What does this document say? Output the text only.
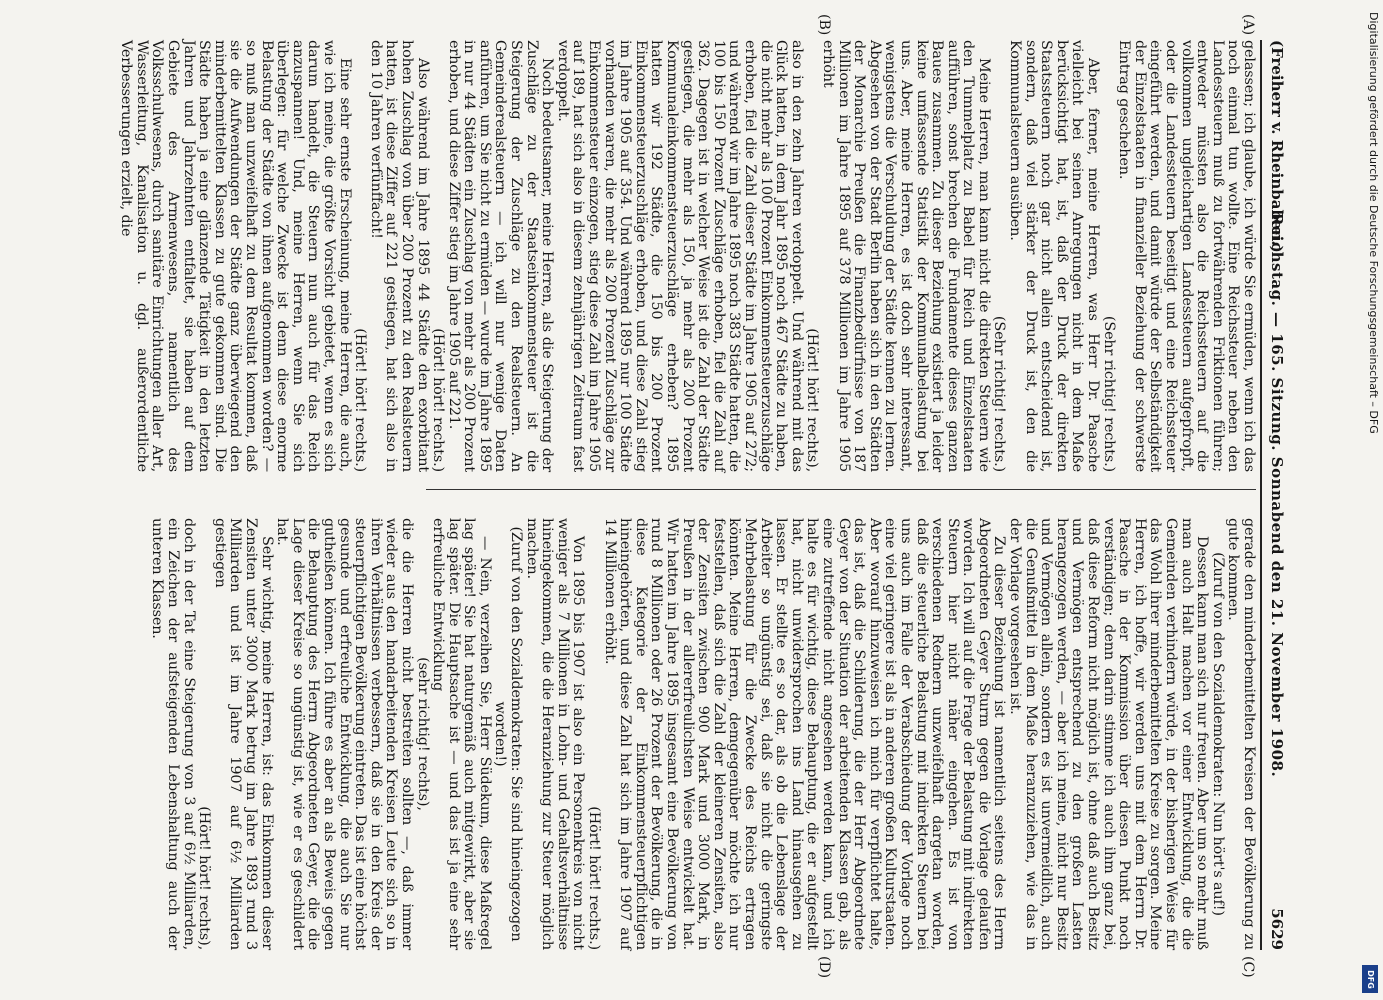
(Freiherr v. Rheinbaben.)
Reichstag. — 165. Sitzung. Sonnabend den 21. November 1908.
5629
(A)
(B)
(C)
(D)

gelassen; ich glaube, ich würde Sie ermüden, wenn ich das noch einmal tun wollte. Eine Reichssteuer neben den Landessteuern muß zu fortwährenden Friktionen führen; entweder müssten also die Reichssteuern auf die vollkommen ungleichartigen Landessteuern aufgepfropft, oder die Landessteuern beseitigt und eine Reichssteuer eingeführt werden, und damit würde der Selbständigkeit der Einzelstaaten in finanzieller Beziehung der schwerste Eintrag geschehen.

(Sehr richtig! rechts.)

Aber, ferner, meine Herren, was Herr Dr. Paasche vielleicht bei seinen Anregungen nicht in dem Maße berücksichtigt hat, ist, daß der Druck der direkten Staatssteuern noch gar nicht allein entscheidend ist, sondern, daß viel stärker der Druck ist, den die Kommunalsteuern ausüben.

(Sehr richtig! rechts.)

Meine Herren, man kann nicht die direkten Steuern wie den Tummelplatz zu Babel für Reich und Einzelstaaten aufführen, sonst brechen die Fundamente dieses ganzen Baues zusammen. Zu dieser Beziehung existiert ja leider keine umfassende Statistik der Kommunalbelastung bei uns. Aber, meine Herren, es ist doch sehr interessant, wenigstens die Verschuldung der Städte kennen zu lernen. Abgesehen von der Stadt Berlin haben sich in den Städten der Monarchie Preußen die Finanzbedürfnisse von 187 Millionen im Jahre 1895 auf 378 Millionen im Jahre 1905 erhöht

(Hört! hört! rechts),

also in den zehn Jahren verdoppelt. Und während mit das Glück hatten, in dem Jahr 1895 noch 467 Städte zu haben, die nicht mehr als 100 Prozent Einkommensteuerzuschläge erhoben, fiel die Zahl dieser Städte im Jahre 1905 auf 272; und während wir im Jahre 1895 noch 383 Städte hatten, die 100 bis 150 Prozent Zuschläge erhoben, fiel die Zahl auf 362. Dagegen ist in welcher Weise ist die Zahl der Städte gestiegen, die mehr als 150, ja mehr als 200 Prozent Kommunaleinkommensteuerzuschläge erheben? 1895 hatten wir 192 Städte, die 150 bis 200 Prozent Einkommensteuerzuschläge erhoben, und diese Zahl stieg im Jahre 1905 auf 354. Und während 1895 nur 100 Städte vorhanden waren, die mehr als 200 Prozent Zuschläge zur Einkommensteuer einzogen, stieg diese Zahl im Jahre 1905 auf 189, hat sich also in diesem zehnjährigen Zeitraum fast verdoppelt.

Noch bedeutsamer, meine Herren, als die Steigerung der Zuschläge zu der Staatseinkommensteuer ist die Steigerung der Zuschläge zu den Realsteuern. An Gemeinderealsteuern — ich will nur wenige Daten anführen, um Sie nicht zu ermüden — wurde im Jahre 1895 in nur 44 Städten ein Zuschlag von mehr als 200 Prozent erhoben, und diese Ziffer stieg im Jahre 1905 auf 221.

(Hört! hört! rechts.)

Also während im Jahre 1895 44 Städte den exorbitant hohen Zuschlag von über 200 Prozent zu den Realsteuern hatten, ist diese Ziffer auf 221 gestiegen, hat sich also in den 10 Jahren verfünffacht!

(Hört! hört! rechts.)

Eine sehr ernste Erscheinung, meine Herren, die auch, wie ich meine, die größte Vorsicht gebietet, wenn es sich darum handelt, die Steuern nun auch für das Reich anzuspannen! Und, meine Herren, wenn Sie sich überlegen: für welche Zwecke ist denn diese enorme Belastung der Städte von ihnen aufgenommen worden? — so muß man unzweifelhaft zu dem Resultat kommen, daß sie die Aufwendungen der Städte ganz überwiegend den minderbemittelten Klassen zu gute gekommen sind. Die Städte haben ja eine glänzende Tätigkeit in den letzten Jahren und Jahrzehnten entfaltet, sie haben auf dem Gebiete des Armenwesens, namentlich des Volksschulwesens, durch sanitäre Einrichtungen aller Art, Wasserleitung, Kanalisation u. dgl. außerordentliche Verbesserungen erzielt, die

gerade den minderbemittelten Kreisen der Bevölkerung zu gute kommen.

(Zuruf von den Sozialdemokraten: Nun hört's auf!)

Dessen kann man sich nur freuen. Aber um so mehr muß man auch Halt machen vor einer Entwicklung, die die Gemeinden verhindern würde, in der bisherigen Weise für das Wohl ihrer minderbemittelten Kreise zu sorgen. Meine Herren, ich hoffe, wir werden uns mit dem Herrn Dr. Paasche in der Kommission über diesen Punkt noch verständigen; denn darin stimme ich auch ihm ganz bei, daß diese Reform nicht möglich ist, ohne daß auch Besitz und Vermögen entsprechend zu den großen Lasten herangezogen werden, — aber ich meine, nicht nur Besitz und Vermögen allein, sondern es ist unvermeidlich, auch die Genußmittel in dem Maße heranzuziehen, wie das in der Vorlage vorgesehen ist.

Zu dieser Beziehung ist namentlich seitens des Herrn Abgeordneten Geyer Sturm gegen die Vorlage gelaufen worden. Ich will auf die Frage der Belastung mit indirekten Steuern hier nicht näher eingehen. Es ist von verschiedenen Rednern unzweifelhaft dargetan worden, daß die steuerliche Belastung mit indirekten Steuern bei uns auch im Falle der Verabschiedung der Vorlage noch eine viel geringere ist als in anderen großen Kulturstaaten. Aber worauf hinzuweisen ich mich für verpflichtet halte, das ist, daß die Schilderung, die der Herr Abgeordnete Geyer von der Situation der arbeitenden Klassen gab, als eine zutreffende nicht angesehen werden kann, und ich halte es für wichtig, diese Behauptung, die er aufgestellt hat, nicht unwidersprochen ins Land hinausgehen zu lassen. Er stellte es so dar, als ob die Lebenslage der Arbeiter so ungünstig sei, daß sie nicht die geringste Mehrbelastung für die Zwecke des Reichs ertragen könnten. Meine Herren, demgegenüber möchte ich nur feststellen, daß sich die Zahl der kleineren Zensiten, also der Zensiten zwischen 900 Mark und 3000 Mark, in Preußen in der allererfreulichsten Weise entwickelt hat. Wir hatten im Jahre 1895 insgesamt eine Bevölkerung von rund 8 Millionen oder 26 Prozent der Bevölkerung, die in diese Kategorie der Einkommensteuerpflichtigen hineingehörten, und diese Zahl hat sich im Jahre 1907 auf 14 Millionen erhöht.

(Hört! hört! rechts.)

Von 1895 bis 1907 ist also ein Personenkreis von nicht weniger als 7 Millionen in Lohn- und Gehaltsverhältnisse hineingekommen, die die Heranziehung zur Steuer möglich machen.

(Zuruf von den Sozialdemokraten: Sie sind hineingezogen worden!)

— Nein, verzeihen Sie, Herr Südekum, diese Maßregel lag später! Sie hat naturgemäß auch mitgewirkt, aber sie lag später. Die Hauptsache ist — und das ist ja eine sehr erfreuliche Entwicklung

(sehr richtig! rechts),

die die Herren nicht bestreiten sollten —, daß immer wieder aus den handarbeitenden Kreisen Leute sich so in ihren Verhältnissen verbessern, daß sie in den Kreis der steuerpflichtigen Bevölkerung eintreten. Das ist eine höchst gesunde und erfreuliche Entwicklung, die auch Sie nur gutheißen können. Ich führe es aber an als Beweis gegen die Behauptung des Herrn Abgeordneten Geyer, die die Lage dieser Kreise so ungünstig ist, wie er es geschildert hat.

Sehr wichtig, meine Herren, ist: das Einkommen dieser Zensiten unter 3000 Mark betrug im Jahre 1893 rund 3 Milliarden und ist im Jahre 1907 auf 6½ Milliarden gestiegen

(Hört! hört! rechts),

doch in der Tat eine Steigerung von 3 auf 6½ Milliarden, ein Zeichen der aufsteigenden Lebenshaltung auch der unteren Klassen.

Digitalisierung gefördert durch die Deutsche Forschungsgemeinschaft – DFG
DFG
